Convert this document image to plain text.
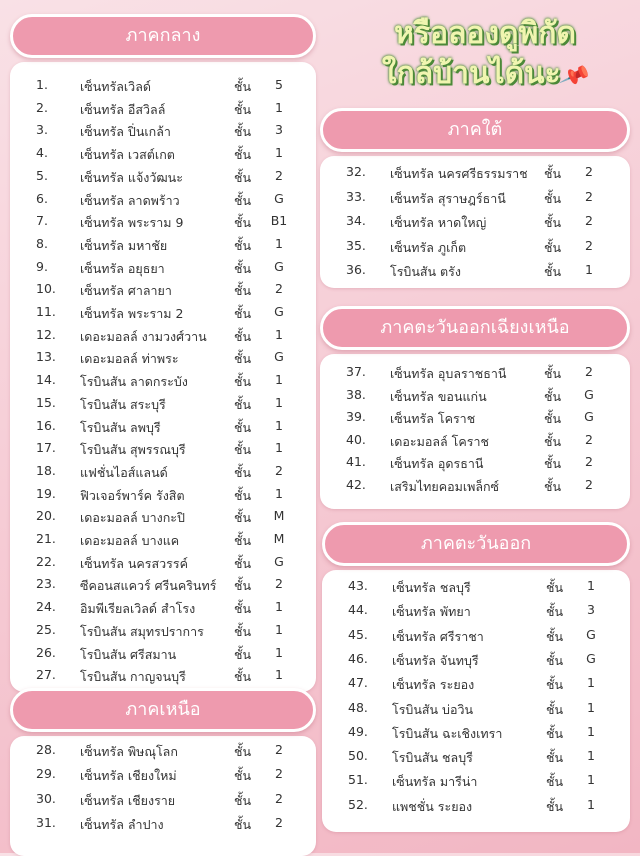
หรือลองดูพิกัด
ใกล้บ้านได้นะ📌
ภาคกลาง
1.	เซ็นทรัลเวิลด์	ชั้น	5
2.	เซ็นทรัล อีสวิลล์	ชั้น	1
3.	เซ็นทรัล ปิ่นเกล้า	ชั้น	3
4.	เซ็นทรัล เวสต์เกต	ชั้น	1
5.	เซ็นทรัล แจ้งวัฒนะ	ชั้น	2
6.	เซ็นทรัล ลาดพร้าว	ชั้น	G
7.	เซ็นทรัล พระราม 9	ชั้น B1
8.	เซ็นทรัล มหาชัย	ชั้น	1
9.	เซ็นทรัล อยุธยา	ชั้น	G
10. เซ็นทรัล ศาลายา	ชั้น	2
11. เซ็นทรัล พระราม 2	ชั้น	G
12. เดอะมอลล์ งามวงศ์วาน ชั้น	1
13. เดอะมอลล์ ท่าพระ	ชั้น	G
14. โรบินสัน ลาดกระบัง	ชั้น	1
15. โรบินสัน สระบุรี	ชั้น	1
16. โรบินสัน ลพบุรี	ชั้น	1
17. โรบินสัน สุพรรณบุรี	ชั้น	1
18. แฟชั่นไอส์แลนด์	ชั้น	2
19. ฟิวเจอร์พาร์ค รังสิต	ชั้น	1
20. เดอะมอลล์ บางกะปิ	ชั้น M
21. เดอะมอลล์ บางแค	ชั้น M
22. เซ็นทรัล นครสวรรค์	ชั้น	G
23. ซีคอนสแควร์ ศรีนครินทร์ ชั้น	2
24. อิมพีเรียลเวิลด์ สำโรง	ชั้น	1
25. โรบินสัน สมุทรปราการ ชั้น	1
26. โรบินสัน ศรีสมาน	ชั้น	1
27. โรบินสัน กาญจนบุรี	ชั้น	1
ภาคเหนือ
28. เซ็นทรัล พิษณุโลก	ชั้น	2
29. เซ็นทรัล เชียงใหม่	ชั้น	2
30. เซ็นทรัล เชียงราย	ชั้น	2
31. เซ็นทรัล ลำปาง	ชั้น	2
ภาคใต้
32. เซ็นทรัล นครศรีธรรมราช ชั้น	2
33. เซ็นทรัล สุราษฎร์ธานี	ชั้น	2
34. เซ็นทรัล หาดใหญ่	ชั้น	2
35. เซ็นทรัล ภูเก็ต	ชั้น	2
36. โรบินสัน ตรัง	ชั้น	1
ภาคตะวันออกเฉียงเหนือ
37. เซ็นทรัล อุบลราชธานี	ชั้น	2
38. เซ็นทรัล ขอนแก่น	ชั้น	G
39. เซ็นทรัล โคราช	ชั้น	G
40. เดอะมอลล์ โคราช	ชั้น	2
41. เซ็นทรัล อุดรธานี	ชั้น	2
42. เสริมไทยคอมเพล็กซ์	ชั้น	2
ภาคตะวันออก
43. เซ็นทรัล ชลบุรี	ชั้น	1
44. เซ็นทรัล พัทยา	ชั้น	3
45. เซ็นทรัล ศรีราชา	ชั้น	G
46. เซ็นทรัล จันทบุรี	ชั้น	G
47. เซ็นทรัล ระยอง	ชั้น	1
48. โรบินสัน บ่อวิน	ชั้น	1
49. โรบินสัน ฉะเชิงเทรา	ชั้น	1
50. โรบินสัน ชลบุรี	ชั้น	1
51. เซ็นทรัล มารีน่า	ชั้น	1
52. แพชชั่น ระยอง	ชั้น	1
